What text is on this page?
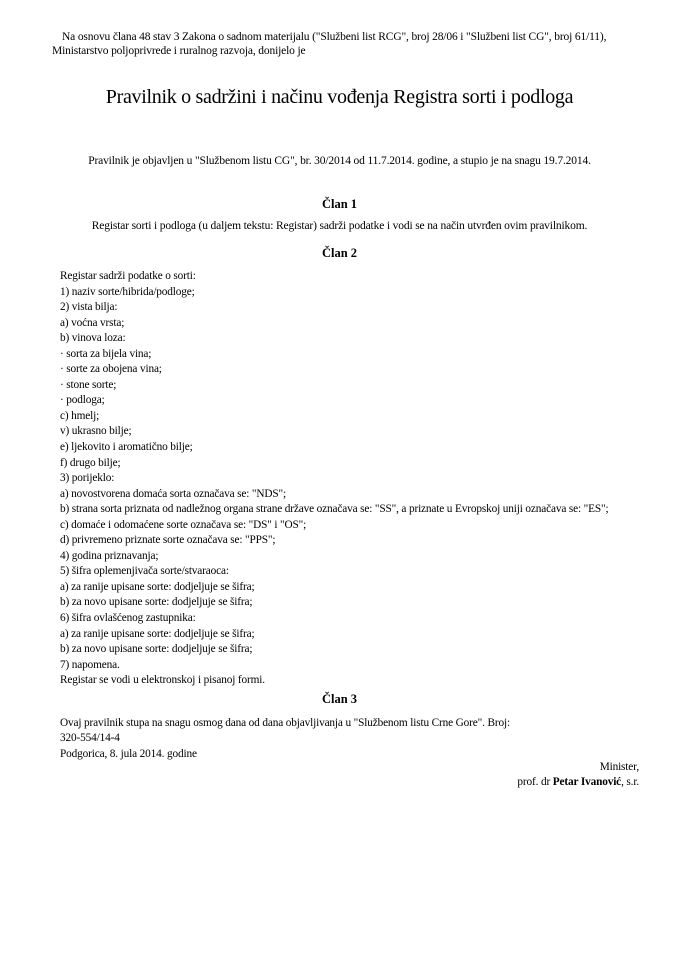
Na osnovu člana 48 stav 3 Zakona o sadnom materijalu ("Službeni list RCG", broj 28/06 i "Službeni list CG", broj 61/11), Ministarstvo poljoprivrede i ruralnog razvoja, donijelo je
Pravilnik o sadržini i načinu vođenja Registra sorti i podloga
Pravilnik je objavljen u "Službenom listu CG", br. 30/2014 od 11.7.2014. godine, a stupio je na snagu 19.7.2014.
Član 1
Registar sorti i podloga (u daljem tekstu: Registar) sadrži podatke i vodi se na način utvrđen ovim pravilnikom.
Član 2
Registar sadrži podatke o sorti:
1) naziv sorte/hibrida/podloge;
2) vista bilja:
a) voćna vrsta;
b) vinova loza:
· sorta za bijela vina;
· sorte za obojena vina;
· stone sorte;
· podloga;
c) hmelj;
v) ukrasno bilje;
e) ljekovito i aromatično bilje;
f) drugo bilje;
3) porijeklo:
a) novostvorena domaća sorta označava se: "NDS";
b) strana sorta priznata od nadležnog organa strane države označava se: "SS", a priznate u Evropskoj uniji označava se: "ES";
c) domaće i odomaćene sorte označava se: "DS" i "OS";
d) privremeno priznate sorte označava se: "PPS";
4) godina priznavanja;
5) šifra oplemenjivača sorte/stvaraoca:
a) za ranije upisane sorte: dodjeljuje se šifra;
b) za novo upisane sorte: dodjeljuje se šifra;
6) šifra ovlašćenog zastupnika:
a) za ranije upisane sorte: dodjeljuje se šifra;
b) za novo upisane sorte: dodjeljuje se šifra;
7) napomena.
Registar se vodi u elektronskoj i pisanoj formi.
Član 3
Ovaj pravilnik stupa na snagu osmog dana od dana objavljivanja u "Službenom listu Crne Gore". Broj: 320-554/14-4
Podgorica, 8. jula 2014. godine
Minister,
prof. dr Petar Ivanović, s.r.
